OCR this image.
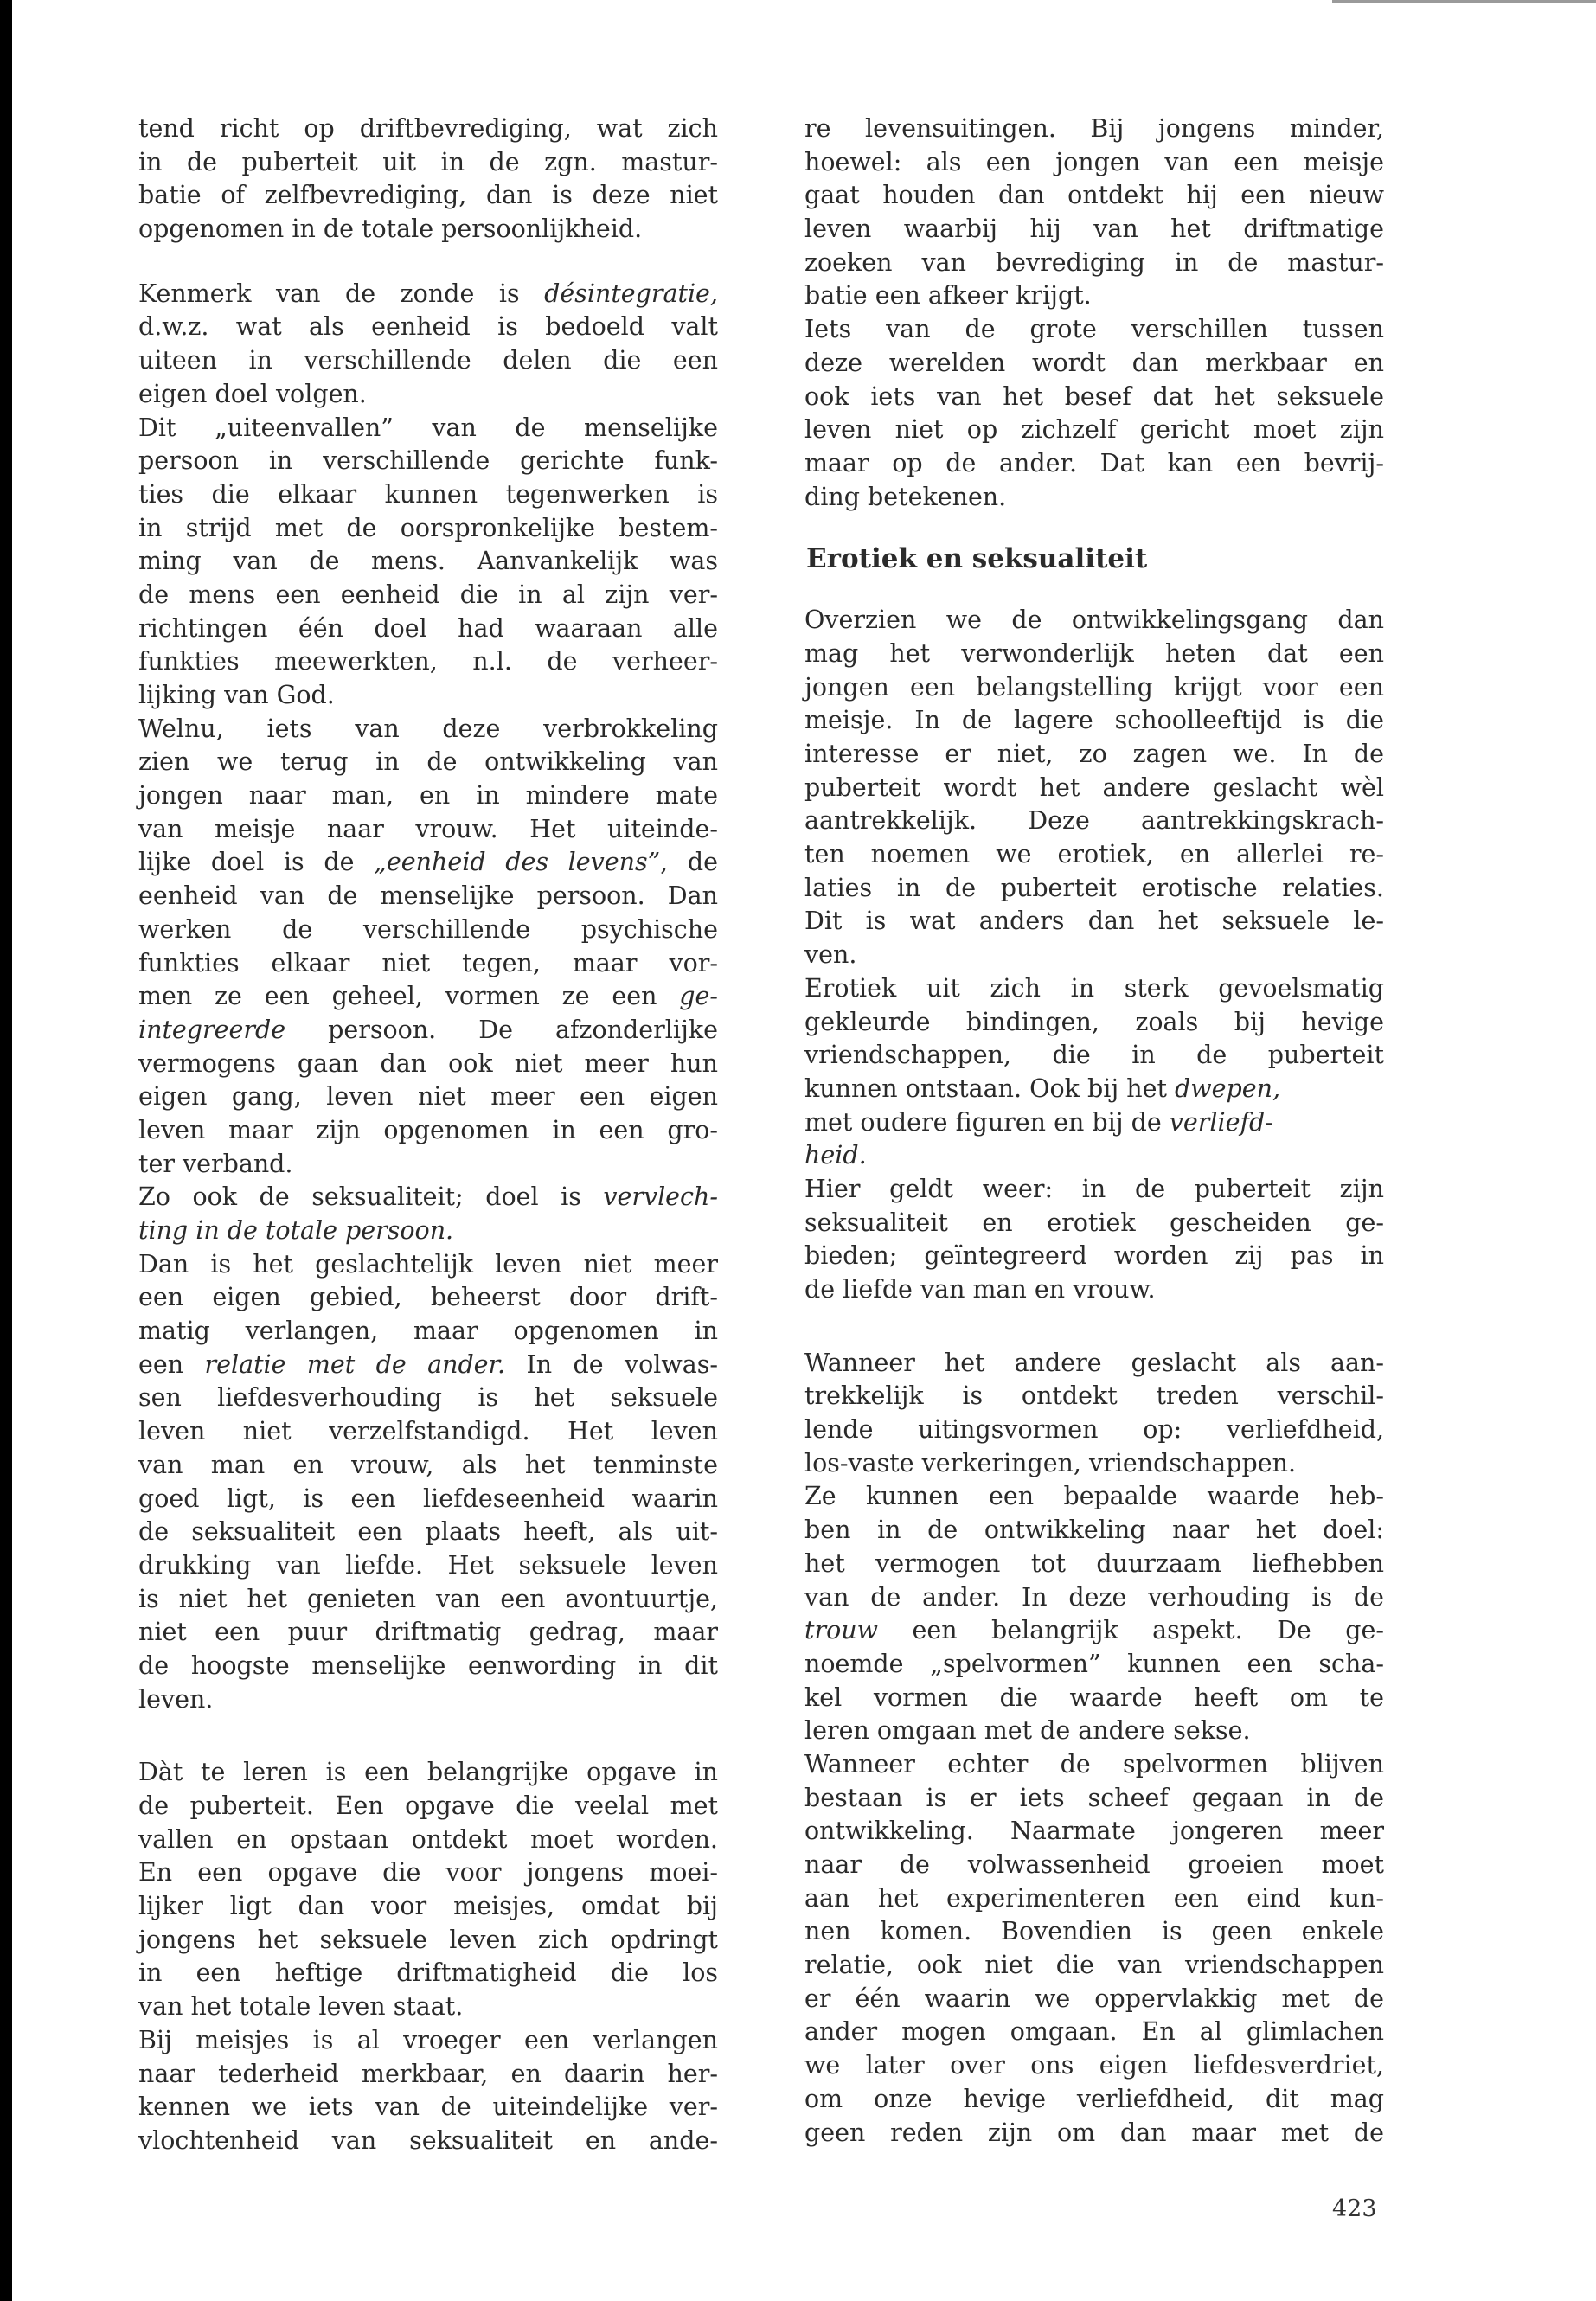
tend richt op driftbevrediging, wat zich
in de puberteit uit in de zgn. mastur-
batie of zelfbevrediging, dan is deze niet
opgenomen in de totale persoonlijkheid.
Kenmerk van de zonde is désintegratie,
d.w.z. wat als eenheid is bedoeld valt
uiteen in verschillende delen die een
eigen doel volgen.
Dit „uiteenvallen” van de menselijke
persoon in verschillende gerichte funk-
ties die elkaar kunnen tegenwerken is
in strijd met de oorspronkelijke bestem-
ming van de mens. Aanvankelijk was
de mens een eenheid die in al zijn ver-
richtingen één doel had waaraan alle
funkties meewerkten, n.l. de verheer-
lijking van God.
Welnu, iets van deze verbrokkeling
zien we terug in de ontwikkeling van
jongen naar man, en in mindere mate
van meisje naar vrouw. Het uiteinde-
lijke doel is de „eenheid des levens”, de
eenheid van de menselijke persoon. Dan
werken de verschillende psychische
funkties elkaar niet tegen, maar vor-
men ze een geheel, vormen ze een ge-
integreerde persoon. De afzonderlijke
vermogens gaan dan ook niet meer hun
eigen gang, leven niet meer een eigen
leven maar zijn opgenomen in een gro-
ter verband.
Zo ook de seksualiteit; doel is vervlech-
ting in de totale persoon.
Dan is het geslachtelijk leven niet meer
een eigen gebied, beheerst door drift-
matig verlangen, maar opgenomen in
een relatie met de ander. In de volwas-
sen liefdesverhouding is het seksuele
leven niet verzelfstandigd. Het leven
van man en vrouw, als het tenminste
goed ligt, is een liefdeseenheid waarin
de seksualiteit een plaats heeft, als uit-
drukking van liefde. Het seksuele leven
is niet het genieten van een avontuurtje,
niet een puur driftmatig gedrag, maar
de hoogste menselijke eenwording in dit
leven.
Dàt te leren is een belangrijke opgave in
de puberteit. Een opgave die veelal met
vallen en opstaan ontdekt moet worden.
En een opgave die voor jongens moei-
lijker ligt dan voor meisjes, omdat bij
jongens het seksuele leven zich opdringt
in een heftige driftmatigheid die los
van het totale leven staat.
Bij meisjes is al vroeger een verlangen
naar tederheid merkbaar, en daarin her-
kennen we iets van de uiteindelijke ver-
vlochtenheid van seksualiteit en ande-
re levensuitingen. Bij jongens minder,
hoewel: als een jongen van een meisje
gaat houden dan ontdekt hij een nieuw
leven waarbij hij van het driftmatige
zoeken van bevrediging in de mastur-
batie een afkeer krijgt.
Iets van de grote verschillen tussen
deze werelden wordt dan merkbaar en
ook iets van het besef dat het seksuele
leven niet op zichzelf gericht moet zijn
maar op de ander. Dat kan een bevrij-
ding betekenen.
Erotiek en seksualiteit
Overzien we de ontwikkelingsgang dan
mag het verwonderlijk heten dat een
jongen een belangstelling krijgt voor een
meisje. In de lagere schoolleeftijd is die
interesse er niet, zo zagen we. In de
puberteit wordt het andere geslacht wèl
aantrekkelijk. Deze aantrekkingskrach-
ten noemen we erotiek, en allerlei re-
laties in de puberteit erotische relaties.
Dit is wat anders dan het seksuele le-
ven.
Erotiek uit zich in sterk gevoelsmatig
gekleurde bindingen, zoals bij hevige
vriendschappen, die in de puberteit
kunnen ontstaan. Ook bij het dwepen,
met oudere figuren en bij de verliefd-
heid.
Hier geldt weer: in de puberteit zijn
seksualiteit en erotiek gescheiden ge-
bieden; geïntegreerd worden zij pas in
de liefde van man en vrouw.
Wanneer het andere geslacht als aan-
trekkelijk is ontdekt treden verschil-
lende uitingsvormen op: verliefdheid,
los-vaste verkeringen, vriendschappen.
Ze kunnen een bepaalde waarde heb-
ben in de ontwikkeling naar het doel:
het vermogen tot duurzaam liefhebben
van de ander. In deze verhouding is de
trouw een belangrijk aspekt. De ge-
noemde „spelvormen” kunnen een scha-
kel vormen die waarde heeft om te
leren omgaan met de andere sekse.
Wanneer echter de spelvormen blijven
bestaan is er iets scheef gegaan in de
ontwikkeling. Naarmate jongeren meer
naar de volwassenheid groeien moet
aan het experimenteren een eind kun-
nen komen. Bovendien is geen enkele
relatie, ook niet die van vriendschappen
er één waarin we oppervlakkig met de
ander mogen omgaan. En al glimlachen
we later over ons eigen liefdesverdriet,
om onze hevige verliefdheid, dit mag
geen reden zijn om dan maar met de
423
